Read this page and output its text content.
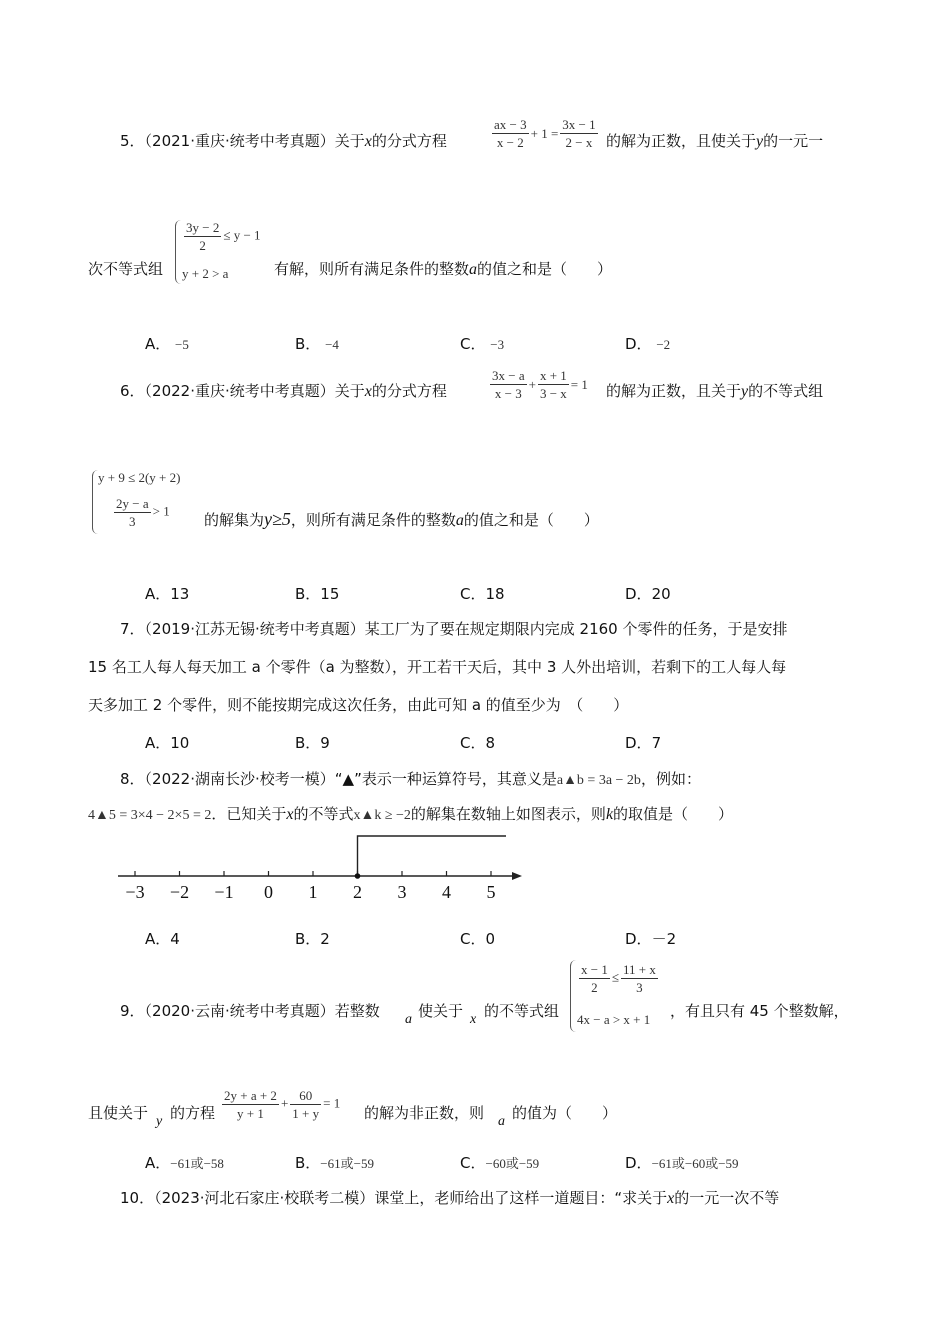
5．（2021·重庆·统考中考真题）关于x的分式方程	$\frac{ax - 3}{x - 2} + 1 = \frac{3x - 1}{2 - x}$ 的解为正数，且使关于y的一元一
次不等式组
$\frac{3y - 2}{2} \le y - 1$
y + 2 > a	有解，则所有满足条件的整数a的值之和是（　　）
A． −5	B． −4	C． −3	D． −2
6．（2022·重庆·统考中考真题）关于x的分式方程	$\frac{3x - a}{x - 3} + \frac{x + 1}{3 - x} = 1$ 的解为正数，且关于y的不等式组
y + 9 ≤ 2(y + 2)
$\frac{2y - a}{3} > 1$
的解集为y≥5，则所有满足条件的整数a的值之和是（　　）
A．13	B．15	C．18	D．20
7．（2019·江苏无锡·统考中考真题）某工厂为了要在规定期限内完成 2160 个零件的任务，于是安排
15 名工人每人每天加工 a 个零件（a 为整数），开工若干天后，其中 3 人外出培训，若剩下的工人每人每
天多加工 2 个零件，则不能按期完成这次任务，由此可知 a 的值至少为　（　　）
A．10	B．9	C．8	D．7
8．（2022·湖南长沙·校考一模）“▲”表示一种运算符号，其意义是a▲b = 3a − 2b，例如：
4▲5 = 3×4 − 2×5 = 2．已知关于x的不等式x▲k ≥ −2的解集在数轴上如图表示，则k的取值是（　　）
−3 −2 −1 0 1 2 3 4 5
A．4	B．2	C．0	D．－2
9．（2020·云南·统考中考真题）若整数 a 使关于 x 的不等式组
$\frac{x - 1}{2} \le \frac{11 + x}{3}$
4x − a > x + 1 ，有且只有 45 个整数解，
且使关于 y 的方程 $\frac{2y + a + 2}{y + 1} + \frac{60}{1 + y} = 1$
的解为非正数，则 a 的值为（　　）
A．−61或−58	B．−61或−59	C．−60或−59	D．−61或−60或−59
10．（2023·河北石家庄·校联考二模）课堂上，老师给出了这样一道题目：“求关于x的一元一次不等
